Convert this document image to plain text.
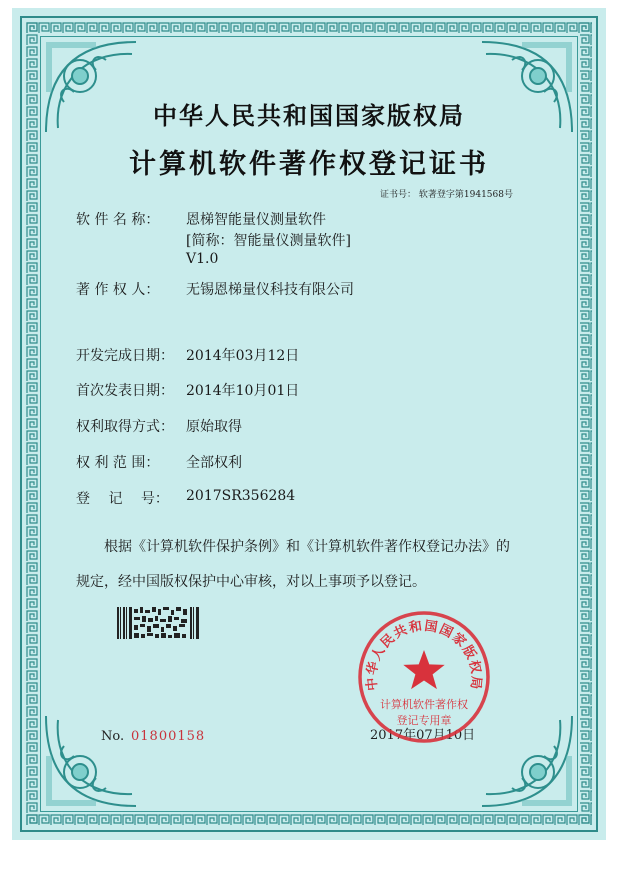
中华人民共和国国家版权局
计算机软件著作权登记证书
证书号： 软著登字第1941568号
软 件 名 称： 恩梯智能量仪测量软件
[简称：智能量仪测量软件]
V1.0
著 作 权 人： 无锡恩梯量仪科技有限公司
开发完成日期： 2014年03月12日
首次发表日期： 2014年10月01日
权利取得方式： 原始取得
权 利 范 围： 全部权利
登　 记　 号： 2017SR356284
根据《计算机软件保护条例》和《计算机软件著作权登记办法》的
规定，经中国版权保护中心审核，对以上事项予以登记。
No. 01800158	2017年07月10日
中华人民共和国国家版权局
计算机软件著作权
登记专用章
